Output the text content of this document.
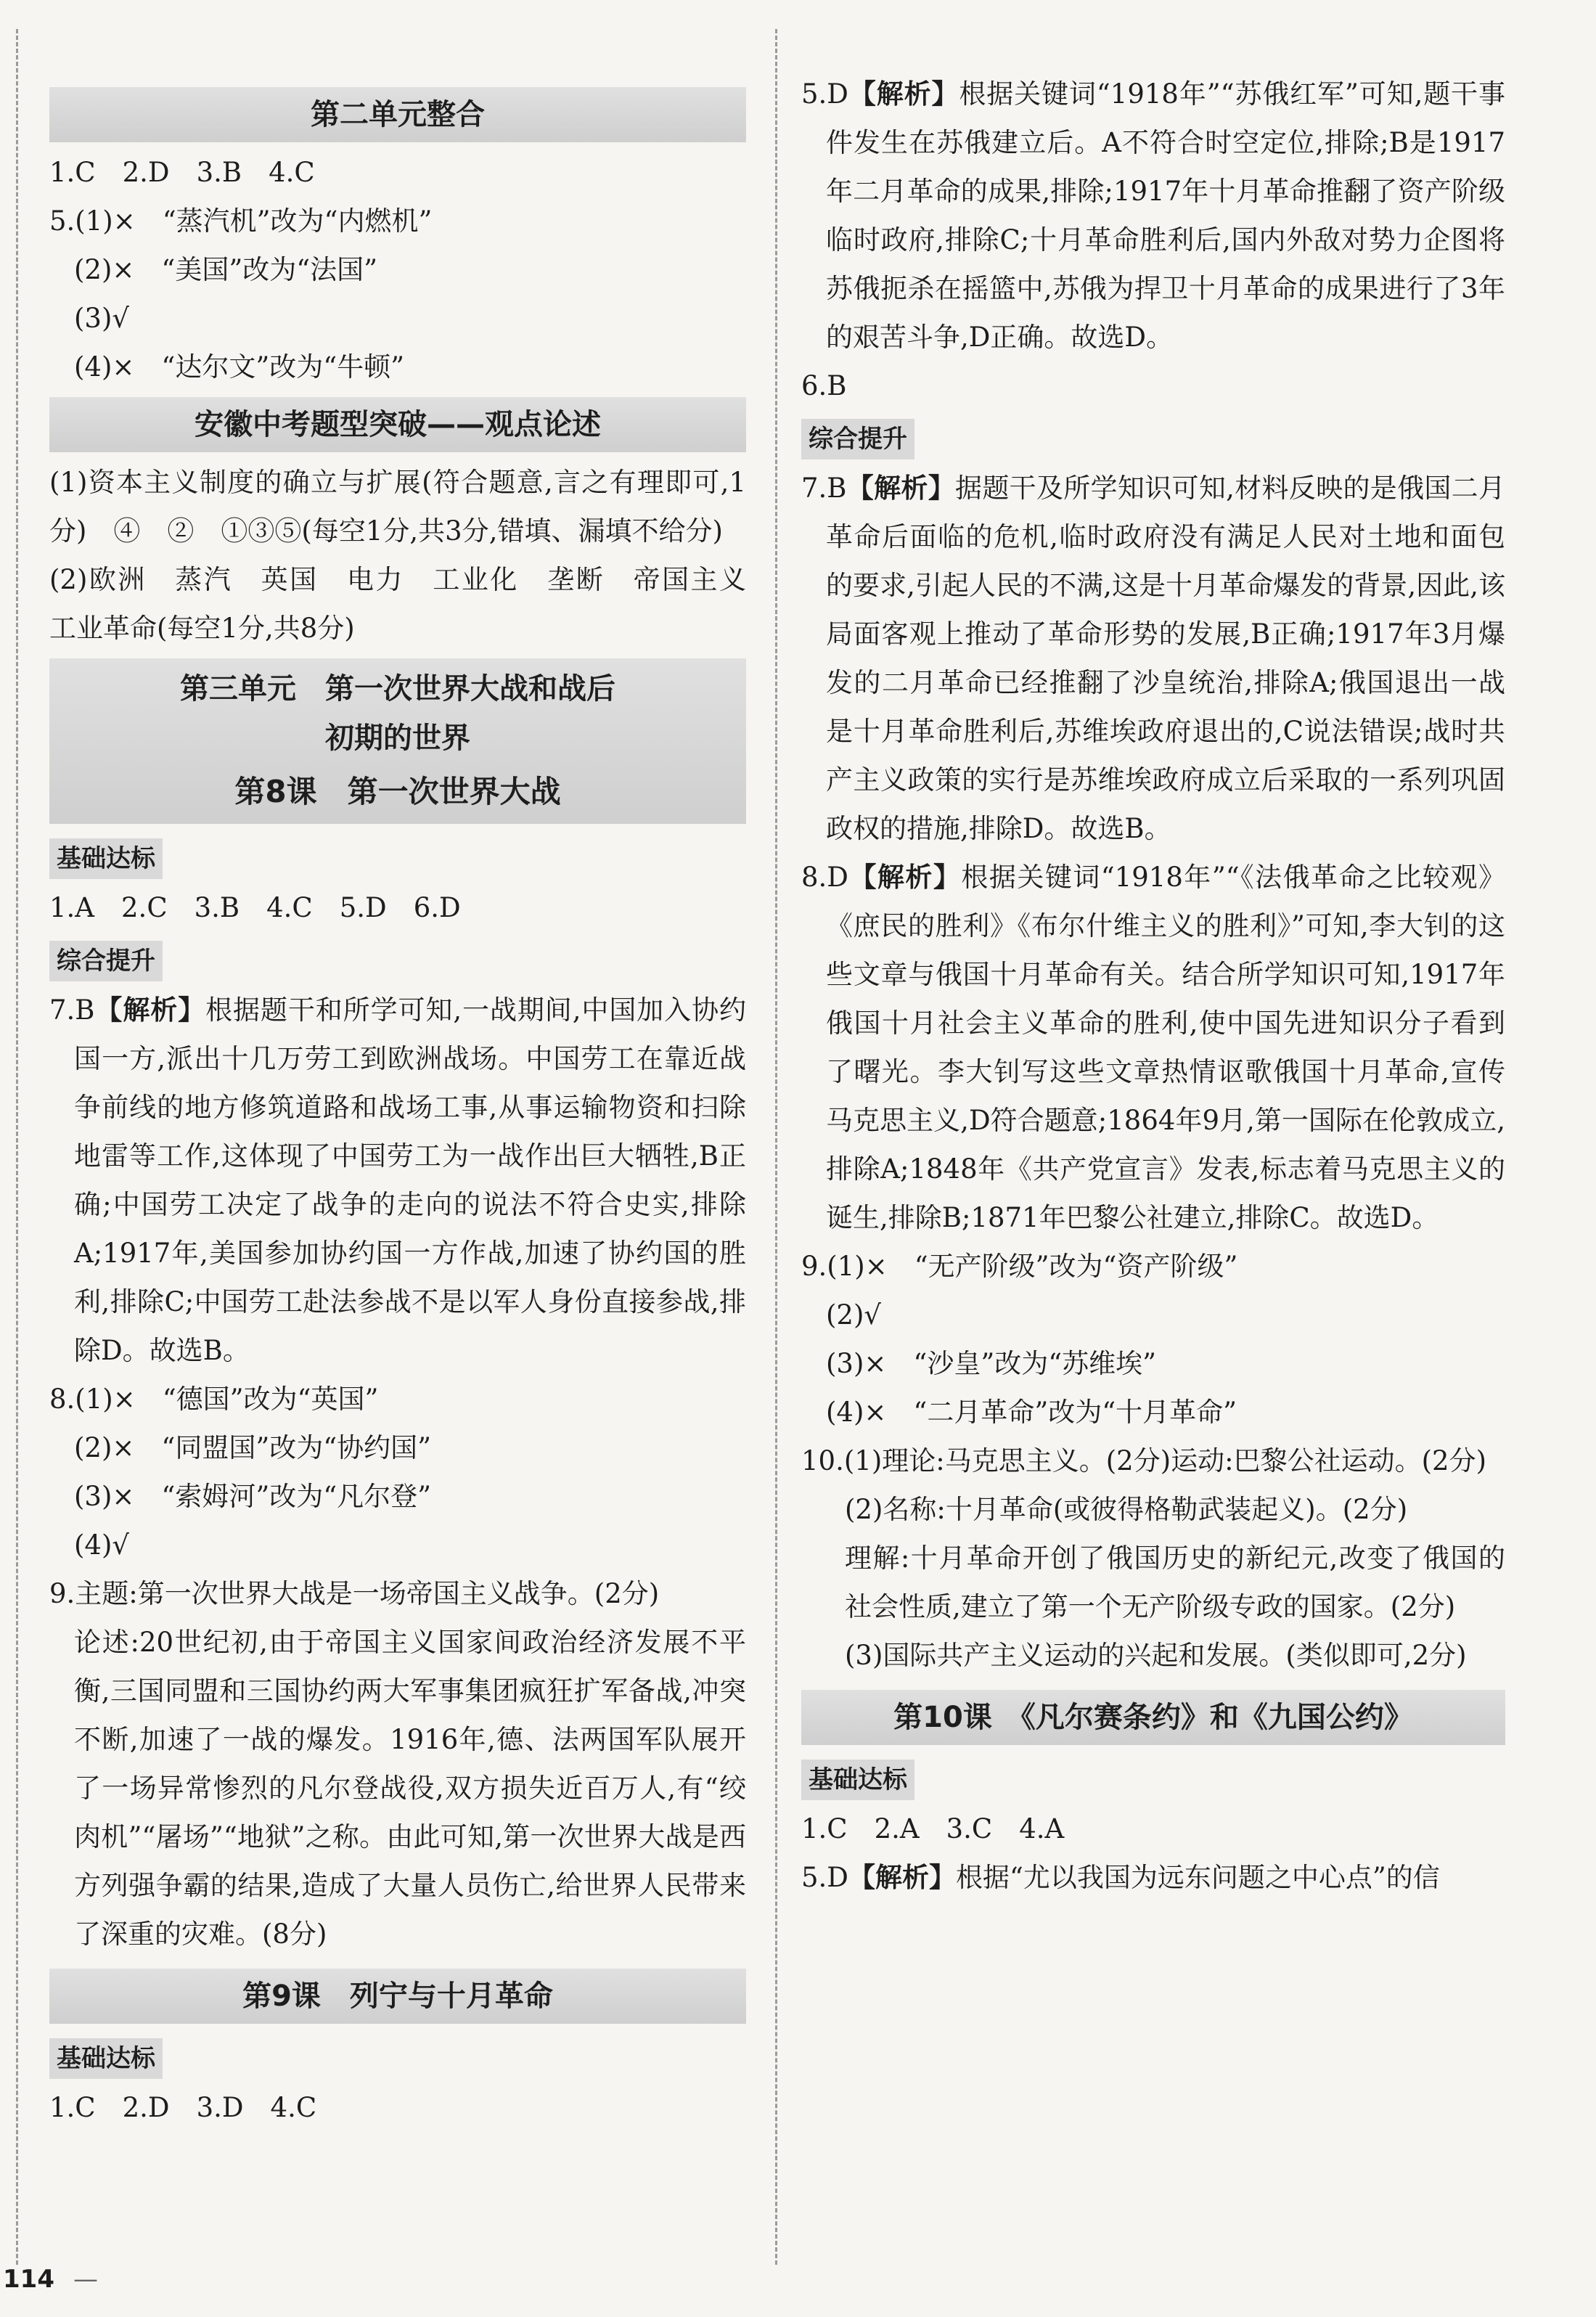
第二单元整合
1.C　2.D　3.B　4.C
5.(1)×　“蒸汽机”改为“内燃机”
(2)×　“美国”改为“法国”
(3)√
(4)×　“达尔文”改为“牛顿”
安徽中考题型突破——观点论述
(1)资本主义制度的确立与扩展(符合题意,言之有理即可,1分)　④　②　①③⑤(每空1分,共3分,错填、漏填不给分)
(2)欧洲　蒸汽　英国　电力　工业化　垄断　帝国主义　工业革命(每空1分,共8分)
第三单元　第一次世界大战和战后
初期的世界
第8课　第一次世界大战
基础达标
1.A　2.C　3.B　4.C　5.D　6.D
综合提升
7.B【解析】根据题干和所学可知,一战期间,中国加入协约国一方,派出十几万劳工到欧洲战场。中国劳工在靠近战争前线的地方修筑道路和战场工事,从事运输物资和扫除地雷等工作,这体现了中国劳工为一战作出巨大牺牲,B正确;中国劳工决定了战争的走向的说法不符合史实,排除A;1917年,美国参加协约国一方作战,加速了协约国的胜利,排除C;中国劳工赴法参战不是以军人身份直接参战,排除D。故选B。
8.(1)×　“德国”改为“英国”
(2)×　“同盟国”改为“协约国”
(3)×　“索姆河”改为“凡尔登”
(4)√
9.主题:第一次世界大战是一场帝国主义战争。(2分)
论述:20世纪初,由于帝国主义国家间政治经济发展不平衡,三国同盟和三国协约两大军事集团疯狂扩军备战,冲突不断,加速了一战的爆发。1916年,德、法两国军队展开了一场异常惨烈的凡尔登战役,双方损失近百万人,有“绞肉机”“屠场”“地狱”之称。由此可知,第一次世界大战是西方列强争霸的结果,造成了大量人员伤亡,给世界人民带来了深重的灾难。(8分)
第9课　列宁与十月革命
基础达标
1.C　2.D　3.D　4.C
5.D【解析】根据关键词“1918年”“苏俄红军”可知,题干事件发生在苏俄建立后。A不符合时空定位,排除;B是1917年二月革命的成果,排除;1917年十月革命推翻了资产阶级临时政府,排除C;十月革命胜利后,国内外敌对势力企图将苏俄扼杀在摇篮中,苏俄为捍卫十月革命的成果进行了3年的艰苦斗争,D正确。故选D。
6.B
综合提升
7.B【解析】据题干及所学知识可知,材料反映的是俄国二月革命后面临的危机,临时政府没有满足人民对土地和面包的要求,引起人民的不满,这是十月革命爆发的背景,因此,该局面客观上推动了革命形势的发展,B正确;1917年3月爆发的二月革命已经推翻了沙皇统治,排除A;俄国退出一战是十月革命胜利后,苏维埃政府退出的,C说法错误;战时共产主义政策的实行是苏维埃政府成立后采取的一系列巩固政权的措施,排除D。故选B。
8.D【解析】根据关键词“1918年”“《法俄革命之比较观》《庶民的胜利》《布尔什维主义的胜利》”可知,李大钊的这些文章与俄国十月革命有关。结合所学知识可知,1917年俄国十月社会主义革命的胜利,使中国先进知识分子看到了曙光。李大钊写这些文章热情讴歌俄国十月革命,宣传马克思主义,D符合题意;1864年9月,第一国际在伦敦成立,排除A;1848年《共产党宣言》发表,标志着马克思主义的诞生,排除B;1871年巴黎公社建立,排除C。故选D。
9.(1)×　“无产阶级”改为“资产阶级”
(2)√
(3)×　“沙皇”改为“苏维埃”
(4)×　“二月革命”改为“十月革命”
10.(1)理论:马克思主义。(2分)运动:巴黎公社运动。(2分)
(2)名称:十月革命(或彼得格勒武装起义)。(2分)
理解:十月革命开创了俄国历史的新纪元,改变了俄国的社会性质,建立了第一个无产阶级专政的国家。(2分)
(3)国际共产主义运动的兴起和发展。(类似即可,2分)
第10课　《凡尔赛条约》和《九国公约》
基础达标
1.C　2.A　3.C　4.A
5.D【解析】根据“尤以我国为远东问题之中心点”的信
114 —
